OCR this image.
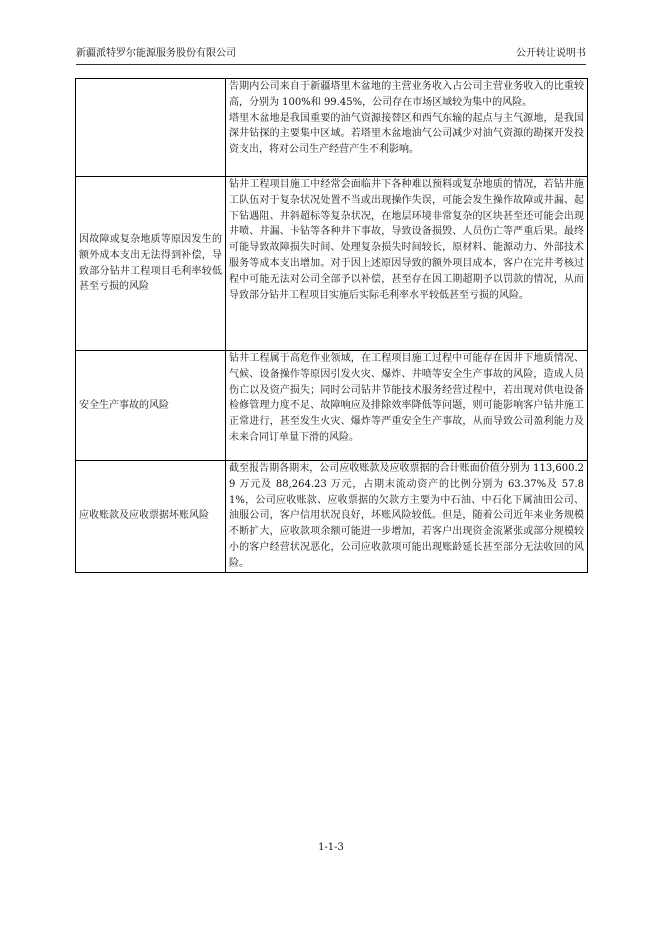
新疆派特罗尔能源服务股份有限公司	公开转让说明书

	告期内公司来自于新疆塔里木盆地的主营业务收入占公司主营业务收入的比重较高，分别为 100%和 99.45%，公司存在市场区域较为集中的风险。
塔里木盆地是我国重要的油气资源接替区和西气东输的起点与主气源地，是我国深井钻探的主要集中区域。若塔里木盆地油气公司减少对油气资源的勘探开发投资支出，将对公司生产经营产生不利影响。

因故障或复杂地质等原因发生的额外成本支出无法得到补偿，导致部分钻井工程项目毛利率较低甚至亏损的风险	钻井工程项目施工中经常会面临井下各种难以预料或复杂地质的情况，若钻井施工队伍对于复杂状况处置不当或出现操作失误，可能会发生操作故障或井漏、起下钻遇阻、井斜超标等复杂状况，在地层环境非常复杂的区块甚至还可能会出现井喷、井漏、卡钻等各种井下事故，导致设备损毁、人员伤亡等严重后果。最终可能导致故障损失时间、处理复杂损失时间较长，原材料、能源动力、外部技术服务等成本支出增加。对于因上述原因导致的额外项目成本，客户在完井考核过程中可能无法对公司全部予以补偿，甚至存在因工期超期予以罚款的情况，从而导致部分钻井工程项目实施后实际毛利率水平较低甚至亏损的风险。

安全生产事故的风险	钻井工程属于高危作业领域，在工程项目施工过程中可能存在因井下地质情况、气候、设备操作等原因引发火灾、爆炸、井喷等安全生产事故的风险，造成人员伤亡以及资产损失；同时公司钻井节能技术服务经营过程中，若出现对供电设备检修管理力度不足、故障响应及排除效率降低等问题，则可能影响客户钻井施工正常进行，甚至发生火灾、爆炸等严重安全生产事故，从而导致公司盈利能力及未来合同订单量下滑的风险。

应收账款及应收票据坏账风险	截至报告期各期末，公司应收账款及应收票据的合计账面价值分别为 113,600.29 万元及 88,264.23 万元，占期末流动资产的比例分别为 63.37%及 57.81%，公司应收账款、应收票据的欠款方主要为中石油、中石化下属油田公司、油服公司，客户信用状况良好，坏账风险较低。但是，随着公司近年来业务规模不断扩大，应收款项余额可能进一步增加，若客户出现资金流紧张或部分规模较小的客户经营状况恶化，公司应收款项可能出现账龄延长甚至部分无法收回的风险。
1-1-3
